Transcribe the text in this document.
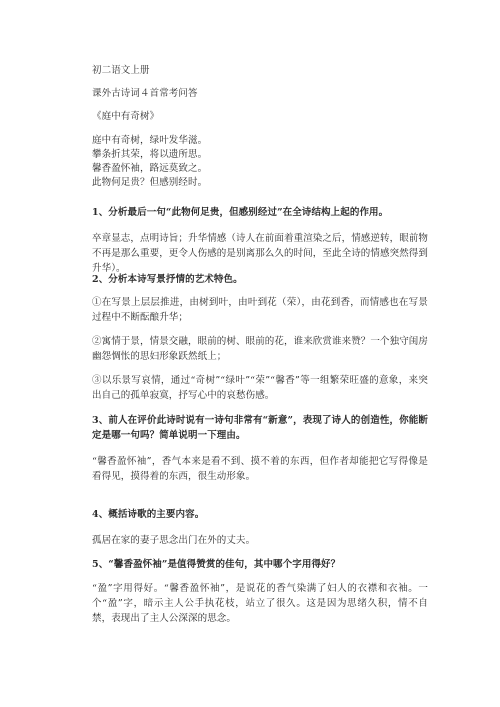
初二语文上册
课外古诗词４首常考问答
《庭中有奇树》
庭中有奇树，绿叶发华滋。
攀条折其荣，将以遗所思。
馨香盈怀袖，路远莫致之。
此物何足贵？但感别经时。
1、分析最后一句“此物何足贵，但感别经过”在全诗结构上起的作用。
卒章显志，点明诗旨；升华情感（诗人在前面着重渲染之后，情感逆转，眼前物不再是那么重要，更令人伤感的是别离那么久的时间，至此全诗的情感突然得到升华）。
2、分析本诗写景抒情的艺术特色。
①在写景上层层推进，由树到叶，由叶到花（荣），由花到香，而情感也在写景过程中不断酝酿升华；
②寓情于景，情景交融，眼前的树、眼前的花，谁来欣赏谁来赞？一个独守闺房幽怨惆怅的思妇形象跃然纸上；
③以乐景写哀情，通过“奇树”“绿叶”“荣”“馨香”等一组繁荣旺盛的意象，来突出自己的孤单寂寞，抒写心中的哀愁伤感。
3、前人在评价此诗时说有一诗句非常有“新意”，表现了诗人的创造性，你能断定是哪一句吗？简单说明一下理由。
“馨香盈怀袖”，香气本来是看不到、摸不着的东西，但作者却能把它写得像是看得见，摸得着的东西，很生动形象。
4、概括诗歌的主要内容。
孤居在家的妻子思念出门在外的丈夫。
5、“馨香盈怀袖”是值得赞赏的佳句，其中哪个字用得好？
“盈”字用得好。“馨香盈怀袖”，是说花的香气染满了妇人的衣襟和衣袖。一个“盈”字，暗示主人公手执花枝，站立了很久。这是因为思绪久积，情不自禁，表现出了主人公深深的思念。
